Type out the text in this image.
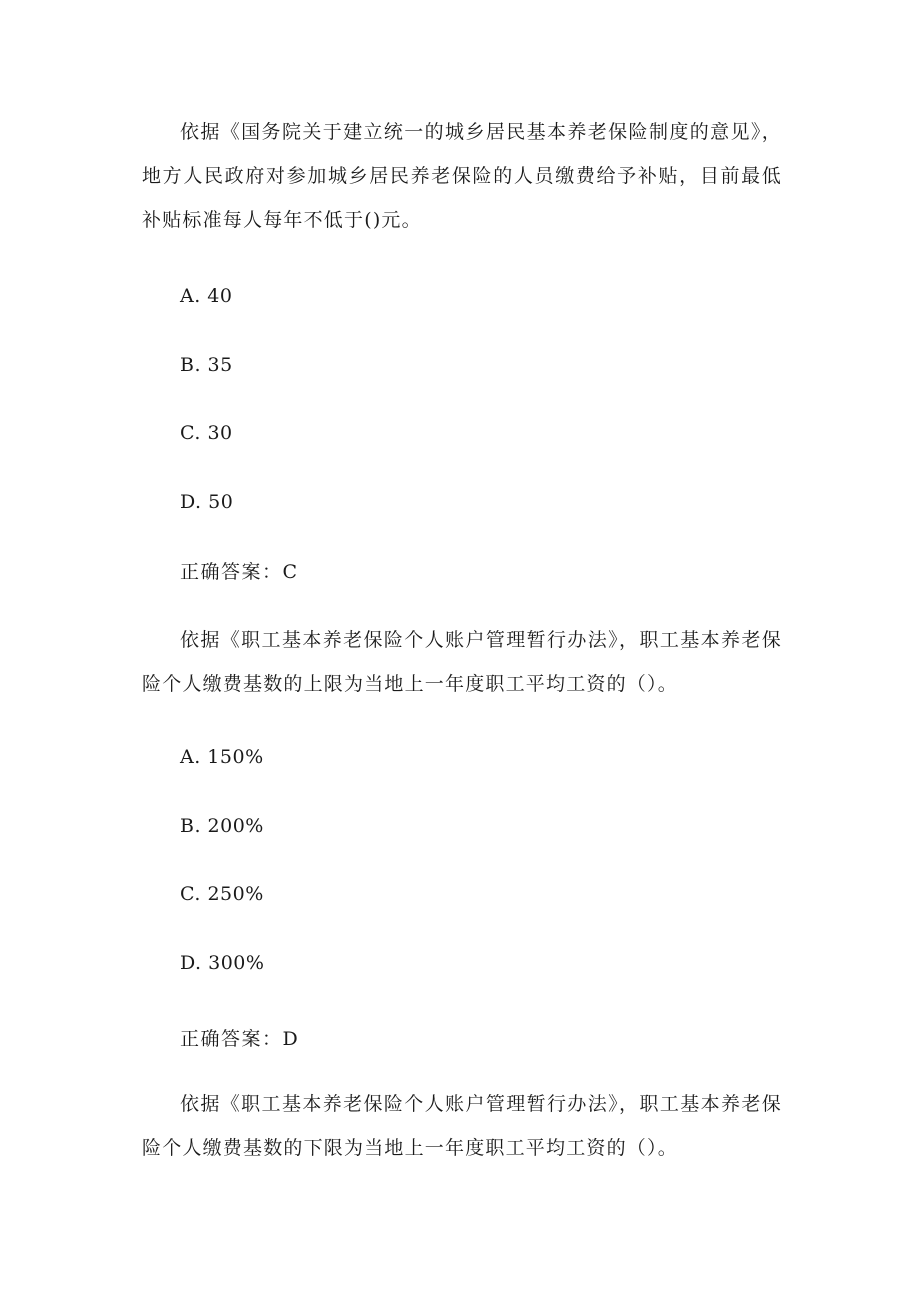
依据《国务院关于建立统一的城乡居民基本养老保险制度的意见》，地方人民政府对参加城乡居民养老保险的人员缴费给予补贴，目前最低补贴标准每人每年不低于()元。

A. 40
B. 35
C. 30
D. 50
正确答案：C

依据《职工基本养老保险个人账户管理暂行办法》，职工基本养老保险个人缴费基数的上限为当地上一年度职工平均工资的（）。

A. 150%
B. 200%
C. 250%
D. 300%
正确答案：D

依据《职工基本养老保险个人账户管理暂行办法》，职工基本养老保险个人缴费基数的下限为当地上一年度职工平均工资的（）。
